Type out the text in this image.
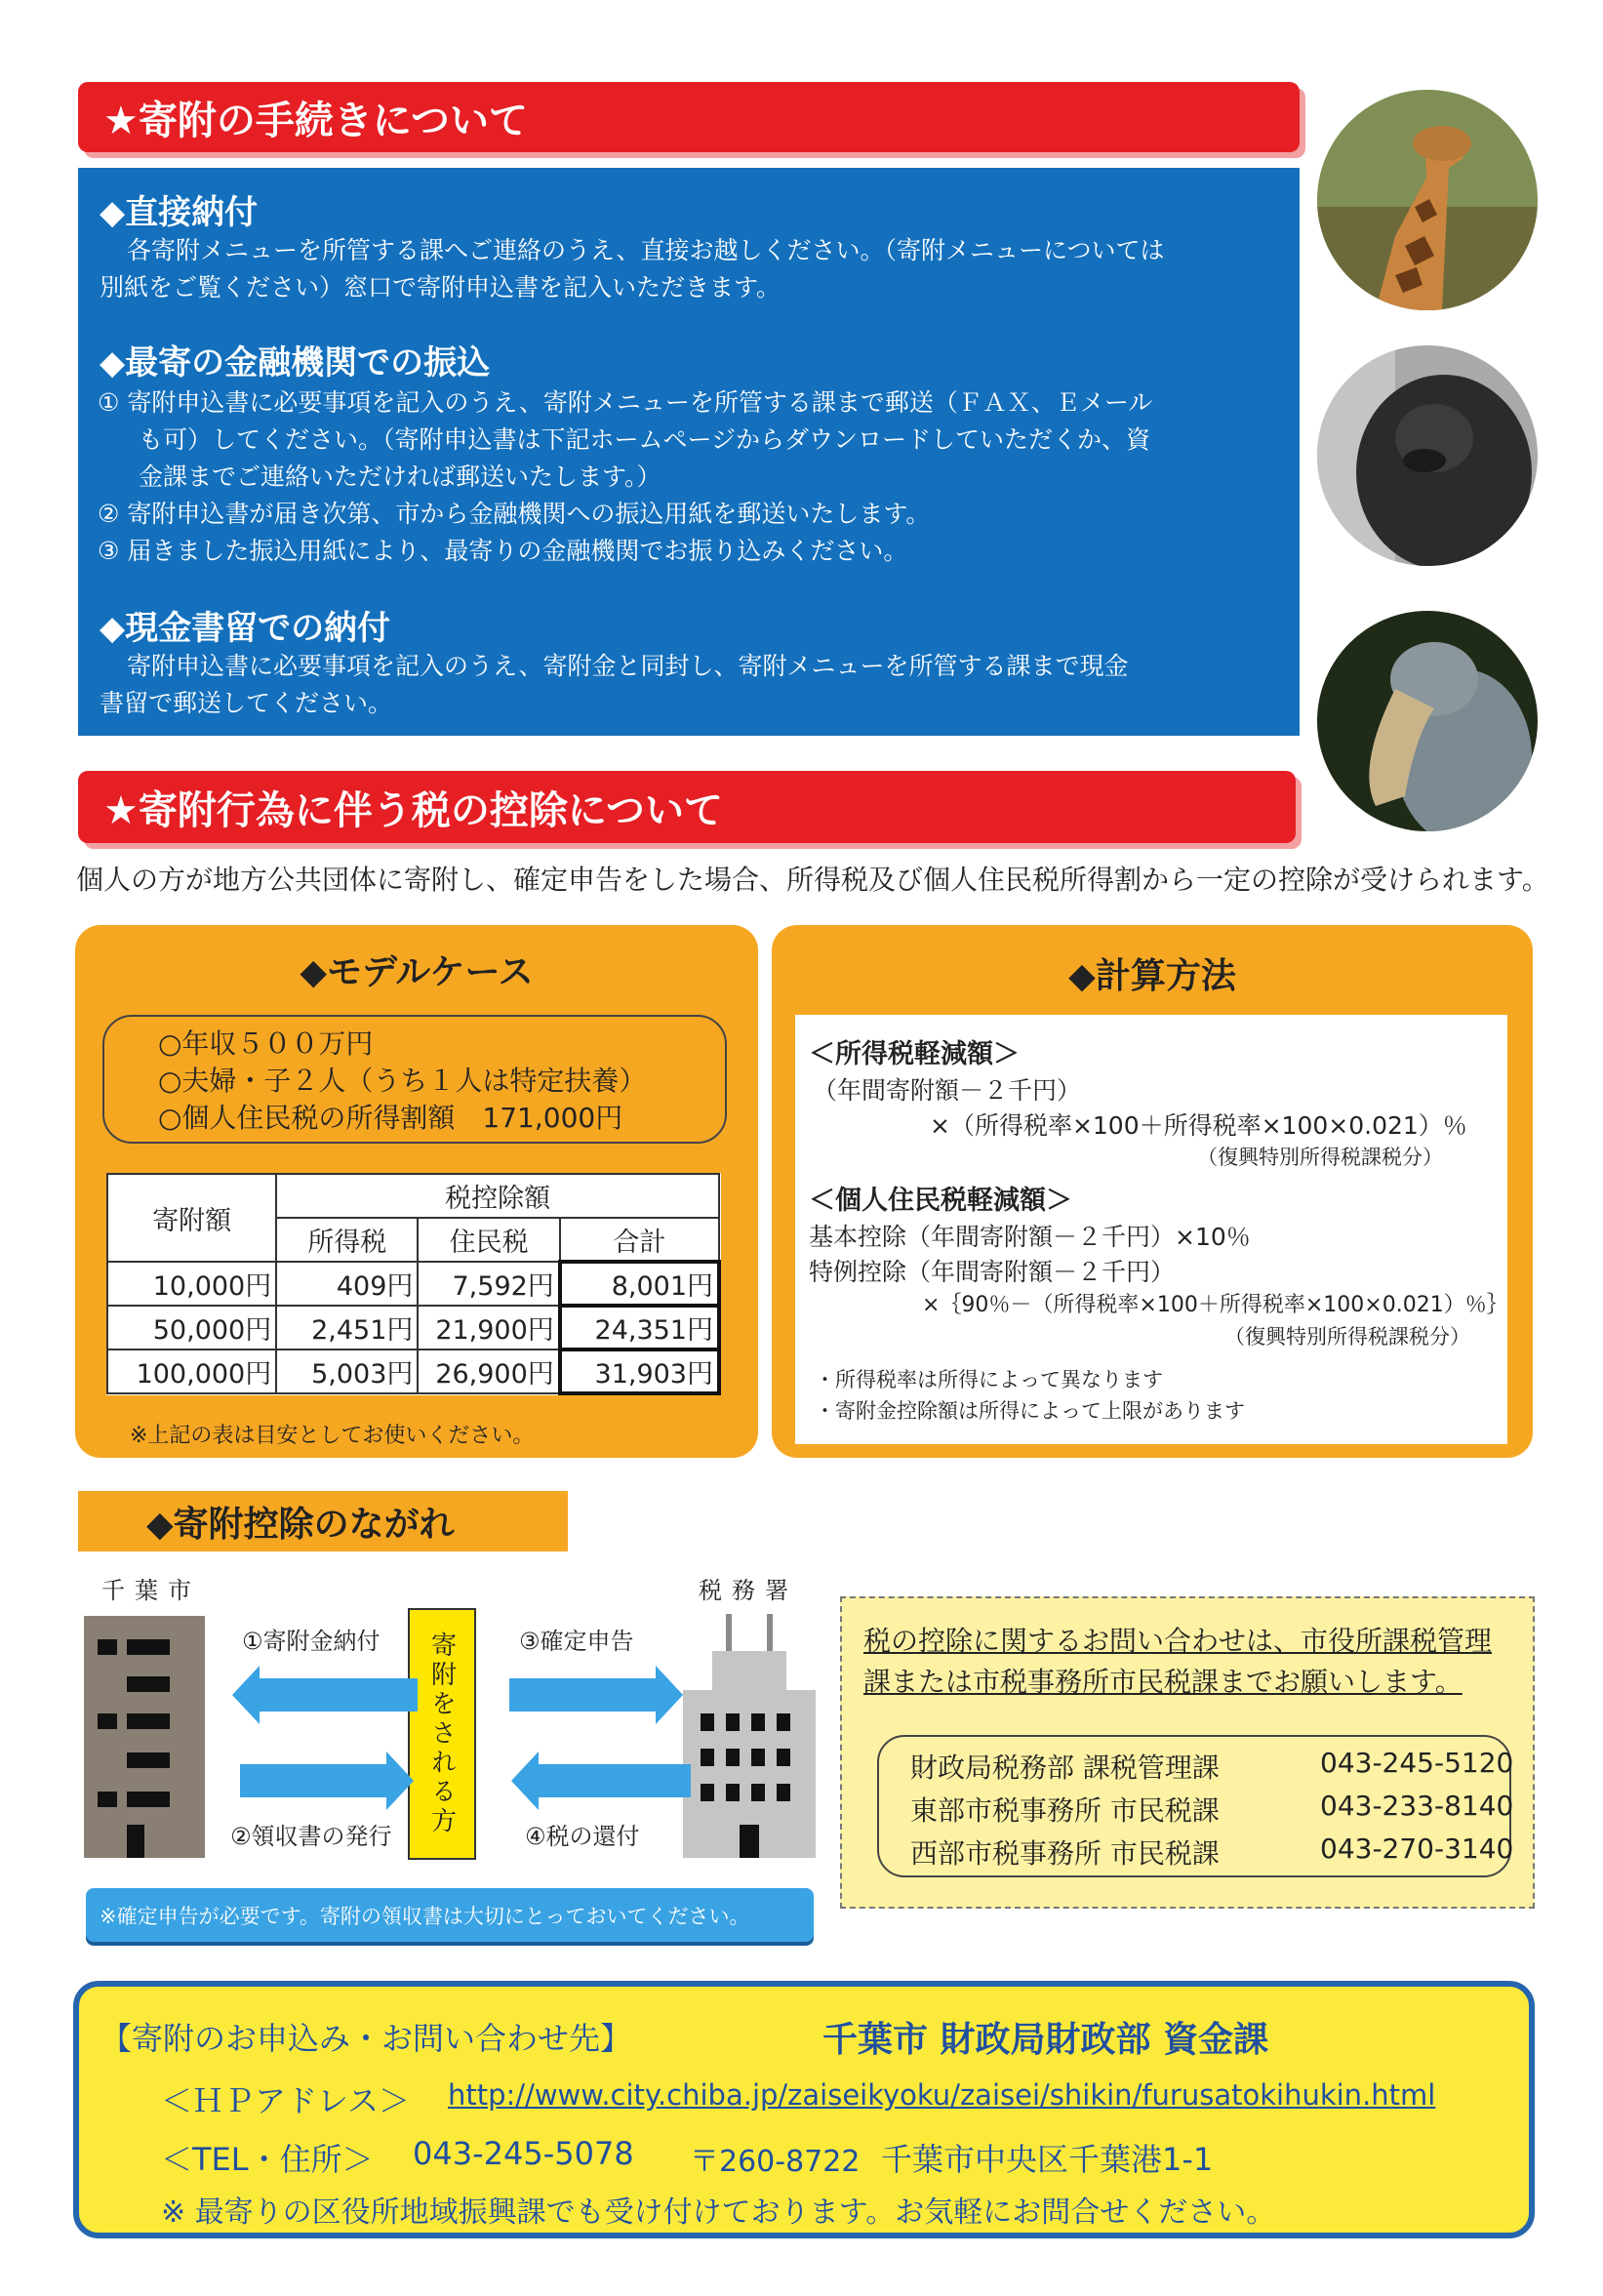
★寄附の手続きについて
◆直接納付
各寄附メニューを所管する課へご連絡のうえ、直接お越しください。（寄附メニューについては
別紙をご覧ください）窓口で寄附申込書を記入いただきます。
◆最寄の金融機関での振込
① 寄附申込書に必要事項を記入のうえ、寄附メニューを所管する課まで郵送（ＦＡＸ、Ｅメール
も可）してください。（寄附申込書は下記ホームページからダウンロードしていただくか、資
金課までご連絡いただければ郵送いたします。）
② 寄附申込書が届き次第、市から金融機関への振込用紙を郵送いたします。
③ 届きました振込用紙により、最寄りの金融機関でお振り込みください。
◆現金書留での納付
寄附申込書に必要事項を記入のうえ、寄附金と同封し、寄附メニューを所管する課まで現金
書留で郵送してください。
★寄附行為に伴う税の控除について
個人の方が地方公共団体に寄附し、確定申告をした場合、所得税及び個人住民税所得割から一定の控除が受けられます。
◆モデルケース
○年収５００万円
○夫婦・子２人（うち１人は特定扶養）
○個人住民税の所得割額　171,000円
寄附額	税控除額		
	所得税	住民税	合計
10,000円	409円	7,592円	8,001円
50,000円	2,451円	21,900円	24,351円
100,000円	5,003円	26,900円	31,903円
※上記の表は目安としてお使いください。
◆計算方法
＜所得税軽減額＞
（年間寄附額－２千円）
×（所得税率×100＋所得税率×100×0.021）％
（復興特別所得税課税分）
＜個人住民税軽減額＞
基本控除（年間寄附額－２千円）×10％
特例控除（年間寄附額－２千円）
×｛90％－（所得税率×100＋所得税率×100×0.021）％｝
（復興特別所得税課税分）
・所得税率は所得によって異なります
・寄附金控除額は所得によって上限があります
◆寄附控除のながれ
千葉市	税務署
寄附をされる方
①寄附金納付
②領収書の発行
③確定申告
④税の還付
※確定申告が必要です。寄附の領収書は大切にとっておいてください。
税の控除に関するお問い合わせは、市役所課税管理
課または市税事務所市民税課までお願いします。
財政局税務部 課税管理課	043-245-5120
東部市税事務所 市民税課	043-233-8140
西部市税事務所 市民税課	043-270-3140
【寄附のお申込み・お問い合わせ先】	千葉市 財政局財政部 資金課
＜ＨＰアドレス＞ http://www.city.chiba.jp/zaiseikyoku/zaisei/shikin/furusatokihukin.html
＜TEL・住所＞ 043-245-5078 〒260-8722 千葉市中央区千葉港1-1
※ 最寄りの区役所地域振興課でも受け付けております。お気軽にお問合せください。
